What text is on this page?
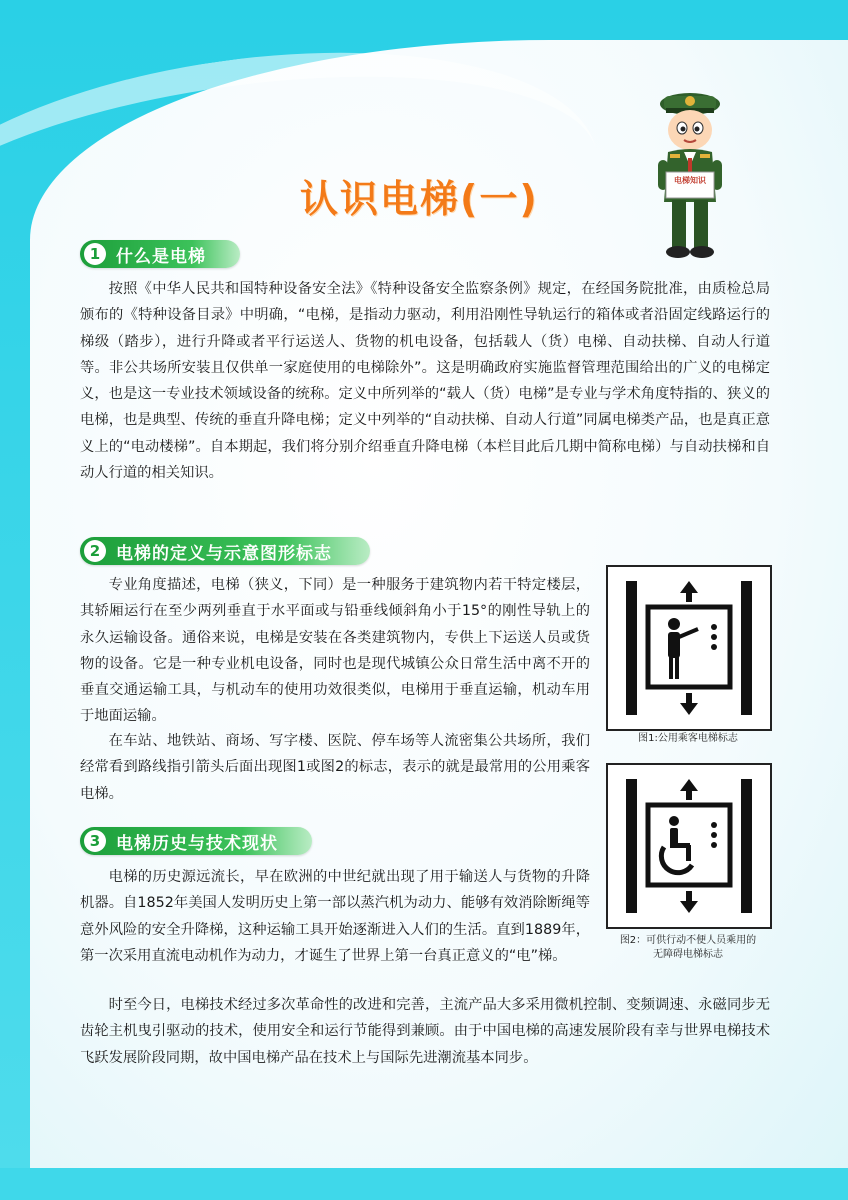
认识电梯(一)	电梯知识
1 什么是电梯

按照《中华人民共和国特种设备安全法》《特种设备安全监察条例》规定，在经国务院批准，由质检总局颁布的《特种设备目录》中明确，“电梯，是指动力驱动，利用沿刚性导轨运行的箱体或者沿固定线路运行的梯级（踏步），进行升降或者平行运送人、货物的机电设备，包括载人（货）电梯、自动扶梯、自动人行道等。非公共场所安装且仅供单一家庭使用的电梯除外”。这是明确政府实施监督管理范围给出的广义的电梯定义，也是这一专业技术领域设备的统称。定义中所列举的“载人（货）电梯”是专业与学术角度特指的、狭义的电梯，也是典型、传统的垂直升降电梯；定义中列举的“自动扶梯、自动人行道”同属电梯类产品，也是真正意义上的“电动楼梯”。自本期起，我们将分别介绍垂直升降电梯（本栏目此后几期中简称电梯）与自动扶梯和自动人行道的相关知识。

2 电梯的定义与示意图形标志

专业角度描述，电梯（狭义，下同）是一种服务于建筑物内若干特定楼层，其轿厢运行在至少两列垂直于水平面或与铅垂线倾斜角小于15°的刚性导轨上的永久运输设备。通俗来说，电梯是安装在各类建筑物内，专供上下运送人员或货物的设备。它是一种专业机电设备，同时也是现代城镇公众日常生活中离不开的垂直交通运输工具，与机动车的使用功效很类似，电梯用于垂直运输，机动车用于地面运输。

在车站、地铁站、商场、写字楼、医院、停车场等人流密集公共场所，我们经常看到路线指引箭头后面出现图1或图2的标志，表示的就是最常用的公用乘客电梯。

3 电梯历史与技术现状

电梯的历史源远流长，早在欧洲的中世纪就出现了用于输送人与货物的升降机器。自1852年美国人发明历史上第一部以蒸汽机为动力、能够有效消除断绳等意外风险的安全升降梯，这种运输工具开始逐渐进入人们的生活。直到1889年，第一次采用直流电动机作为动力，才诞生了世界上第一台真正意义的“电”梯。

时至今日，电梯技术经过多次革命性的改进和完善，主流产品大多采用微机控制、变频调速、永磁同步无齿轮主机曳引驱动的技术，使用安全和运行节能得到兼顾。由于中国电梯的高速发展阶段有幸与世界电梯技术飞跃发展阶段同期，故中国电梯产品在技术上与国际先进潮流基本同步。

图1:公用乘客电梯标志
图2：可供行动不便人员乘用的
无障碍电梯标志
